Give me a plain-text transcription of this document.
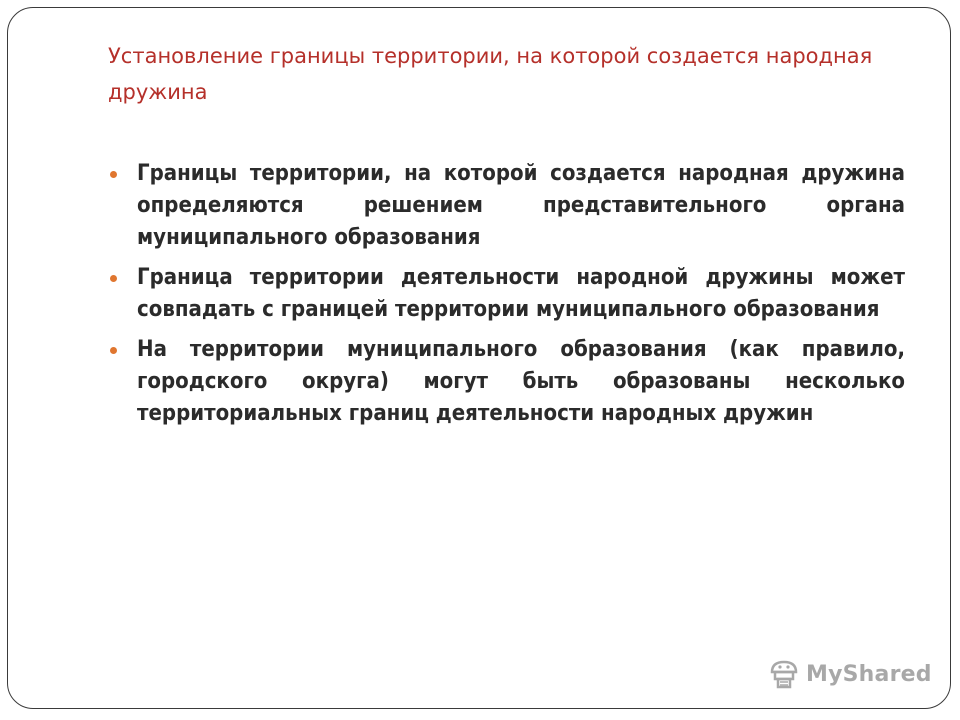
Установление границы территории, на которой создается народная дружина
Границы территории, на которой создается народная дружина определяются решением представительного органа муниципального образования
Граница территории деятельности народной дружины может совпадать с границей территории муниципального образования
На территории муниципального образования (как правило, городского округа) могут быть образованы несколько территориальных границ деятельности народных дружин
MyShared
